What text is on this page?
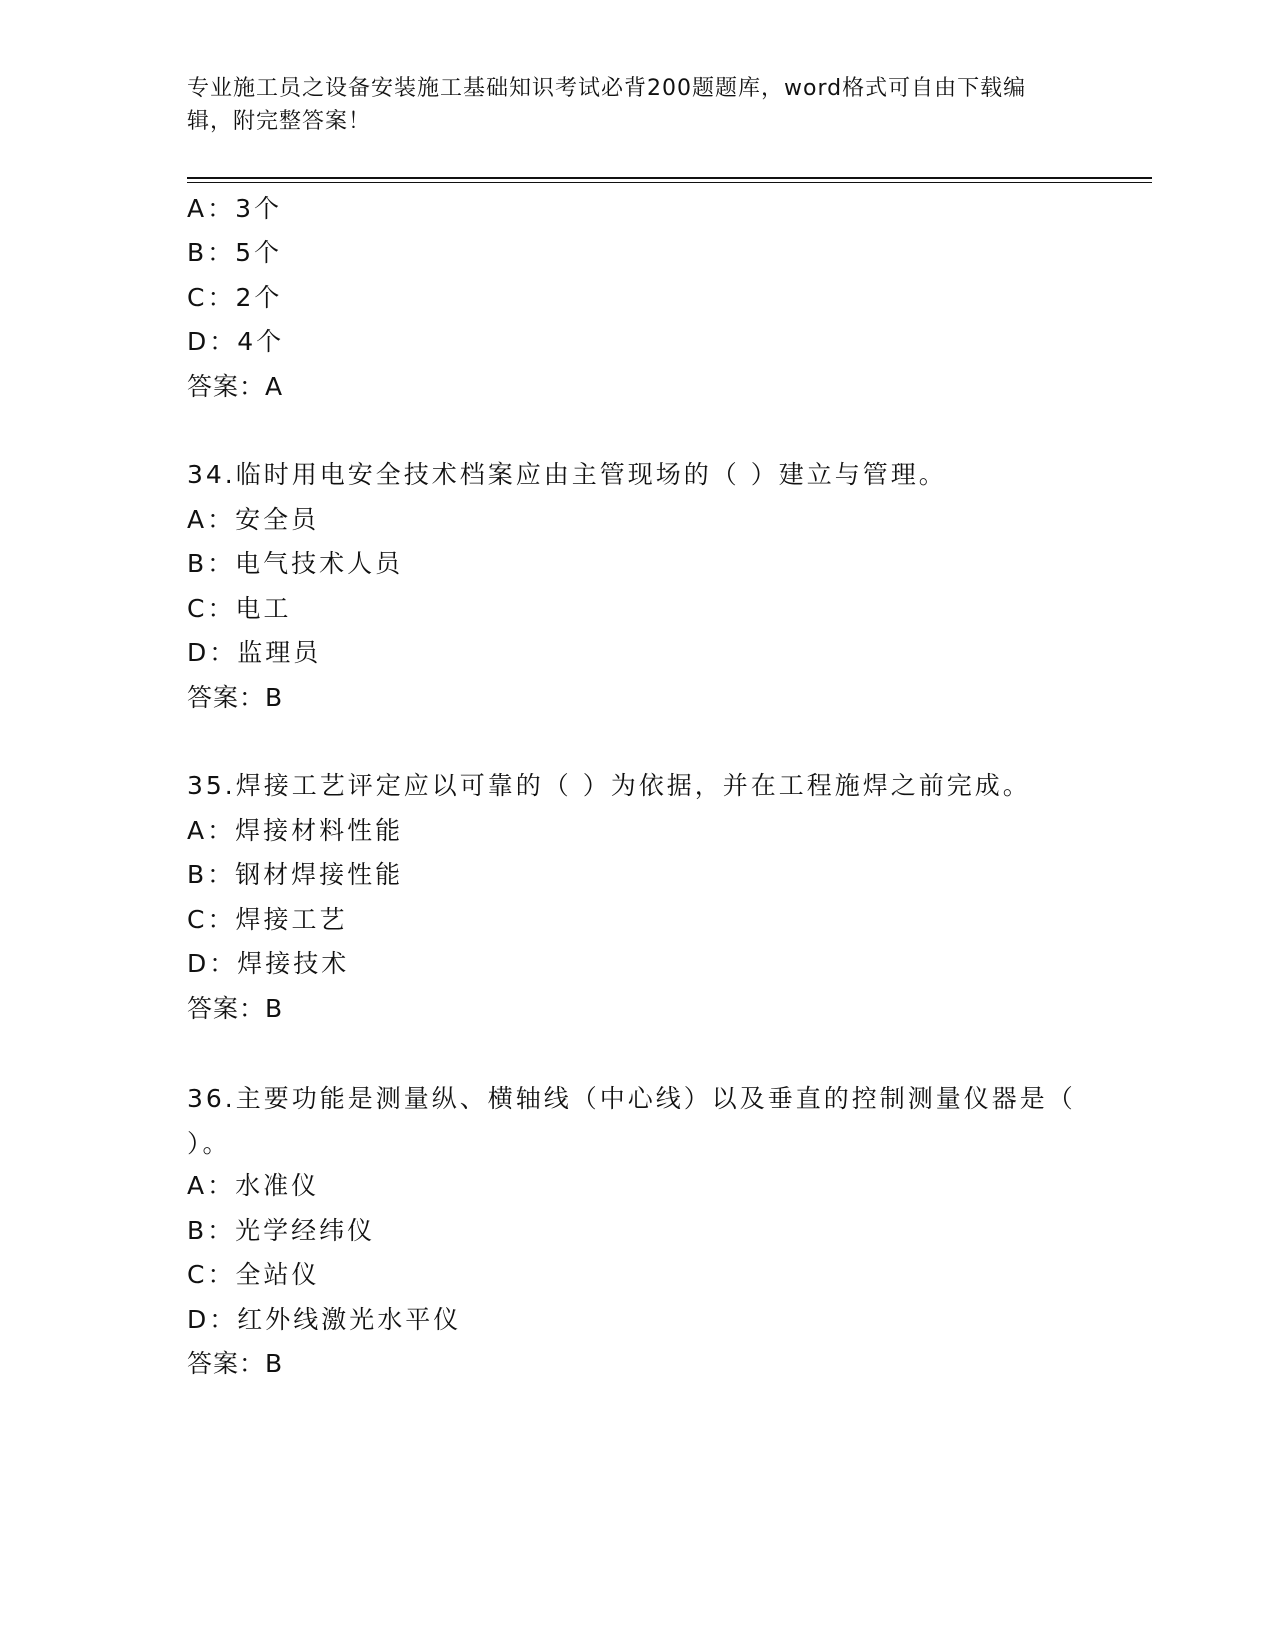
专业施工员之设备安装施工基础知识考试必背200题题库，word格式可自由下载编辑，附完整答案！
A：3个
B：5个
C：2个
D：4个
答案：A
34.临时用电安全技术档案应由主管现场的（ ）建立与管理。
A：安全员
B：电气技术人员
C：电工
D：监理员
答案：B
35.焊接工艺评定应以可靠的（ ）为依据，并在工程施焊之前完成。
A：焊接材料性能
B：钢材焊接性能
C：焊接工艺
D：焊接技术
答案：B
36.主要功能是测量纵、横轴线（中心线）以及垂直的控制测量仪器是（ ）。
A：水准仪
B：光学经纬仪
C：全站仪
D：红外线激光水平仪
答案：B
